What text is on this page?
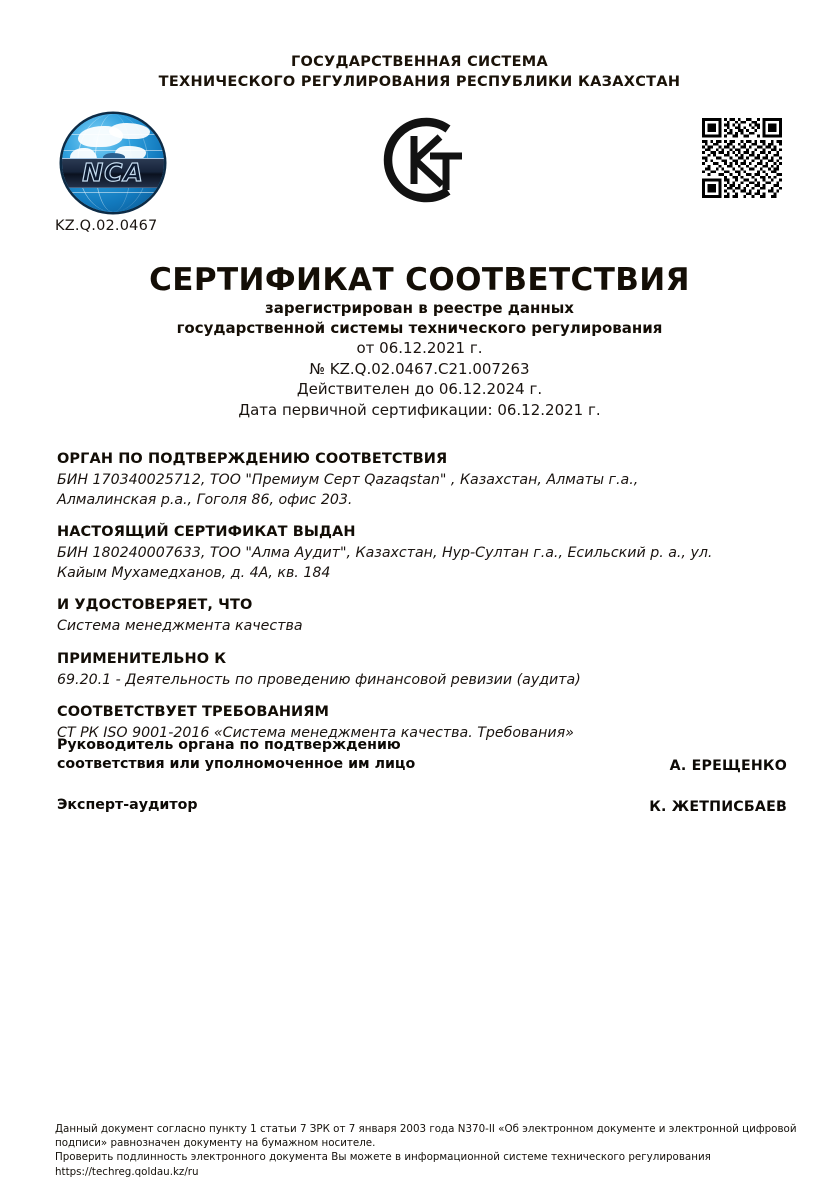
ГОСУДАРСТВЕННАЯ СИСТЕМА
ТЕХНИЧЕСКОГО РЕГУЛИРОВАНИЯ РЕСПУБЛИКИ КАЗАХСТАН
NCA
KZ.Q.02.0467
СЕРТИФИКАТ СООТВЕТСТВИЯ
зарегистрирован в реестре данных
государственной системы технического регулирования
от 06.12.2021 г.
№ KZ.Q.02.0467.C21.007263
Действителен до 06.12.2024 г.
Дата первичной сертификации: 06.12.2021 г.
ОРГАН ПО ПОДТВЕРЖДЕНИЮ СООТВЕТСТВИЯ
БИН 170340025712, ТОО "Премиум Серт Qazaqstan" , Казахстан, Алматы г.а.,
Алмалинская р.а., Гоголя 86, офис 203.
НАСТОЯЩИЙ СЕРТИФИКАТ ВЫДАН
БИН 180240007633, ТОО "Алма Аудит", Казахстан, Нур-Султан г.а., Есильский р. а., ул.
Кайым Мухамедханов, д. 4А, кв. 184
И УДОСТОВЕРЯЕТ, ЧТО
Система менеджмента качества
ПРИМЕНИТЕЛЬНО К
69.20.1 - Деятельность по проведению финансовой ревизии (аудита)
СООТВЕТСТВУЕТ ТРЕБОВАНИЯМ
СТ РК ISO 9001-2016 «Система менеджмента качества. Требования»
Руководитель органа по подтверждению
соответствия или уполномоченное им лицо	А. ЕРЕЩЕНКО
Эксперт-аудитор	К. ЖЕТПИСБАЕВ
Данный документ согласно пункту 1 статьи 7 ЗРК от 7 января 2003 года N370-II «Об электронном документе и электронной цифровой
подписи» равнозначен документу на бумажном носителе.
Проверить подлинность электронного документа Вы можете в информационной системе технического регулирования
https://techreg.qoldau.kz/ru
